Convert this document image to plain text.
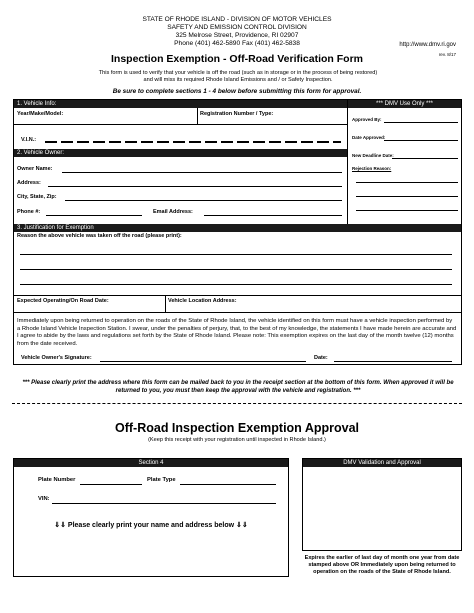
STATE OF RHODE ISLAND - DIVISION OF MOTOR VEHICLES
SAFETY AND EMISSION CONTROL DIVISION
325 Melrose Street, Providence, RI 02907
Phone (401) 462-5890 Fax (401) 462-5838	http://www.dmv.ri.gov
rev. 8/17
Inspection Exemption - Off-Road Verification Form
This form is used to verify that your vehicle is off the road (such as in storage or in the process of being restored) and will miss its required Rhode Island Emissions and / or Safety Inspection.
Be sure to complete sections 1 - 4 below before submitting this form for approval.
1. Vehicle Info:
Year/Make/Model:	Registration Number / Type:
V.I.N.:
*** DMV Use Only ***
Approved By:
Date Approved:
New Deadline Date:
Rejection Reason:
2. Vehicle Owner:
Owner Name:
Address:
City, State, Zip:
Phone #:	Email Address:
3. Justification for Exemption
Reason the above vehicle was taken off the road (please print):
Expected Operating/On Road Date:	Vehicle Location Address:
Immediately upon being returned to operation on the roads of the State of Rhode Island, the vehicle identified on this form must have a vehicle inspection performed by a Rhode Island Vehicle Inspection Station. I swear, under the penalties of perjury, that, to the best of my knowledge, the statements I have made herein are accurate and I agree to abide by the laws and regulations set forth by the State of Rhode Island. Please note: This exemption expires on the last day of the month twelve (12) months from the date received.
Vehicle Owner's Signature:	Date:
*** Please clearly print the address where this form can be mailed back to you in the receipt section at the bottom of this form. When approved it will be returned to you, you must then keep the approval with the vehicle and registration. ***
Off-Road Inspection Exemption Approval
(Keep this receipt with your registration until inspected in Rhode Island.)
Section 4
Plate Number	Plate Type
VIN:
⇓⇓ Please clearly print your name and address below ⇓⇓
DMV Validation and Approval
Expires the earlier of last day of month one year from date stamped above OR Immediately upon being returned to operation on the roads of the State of Rhode Island.
